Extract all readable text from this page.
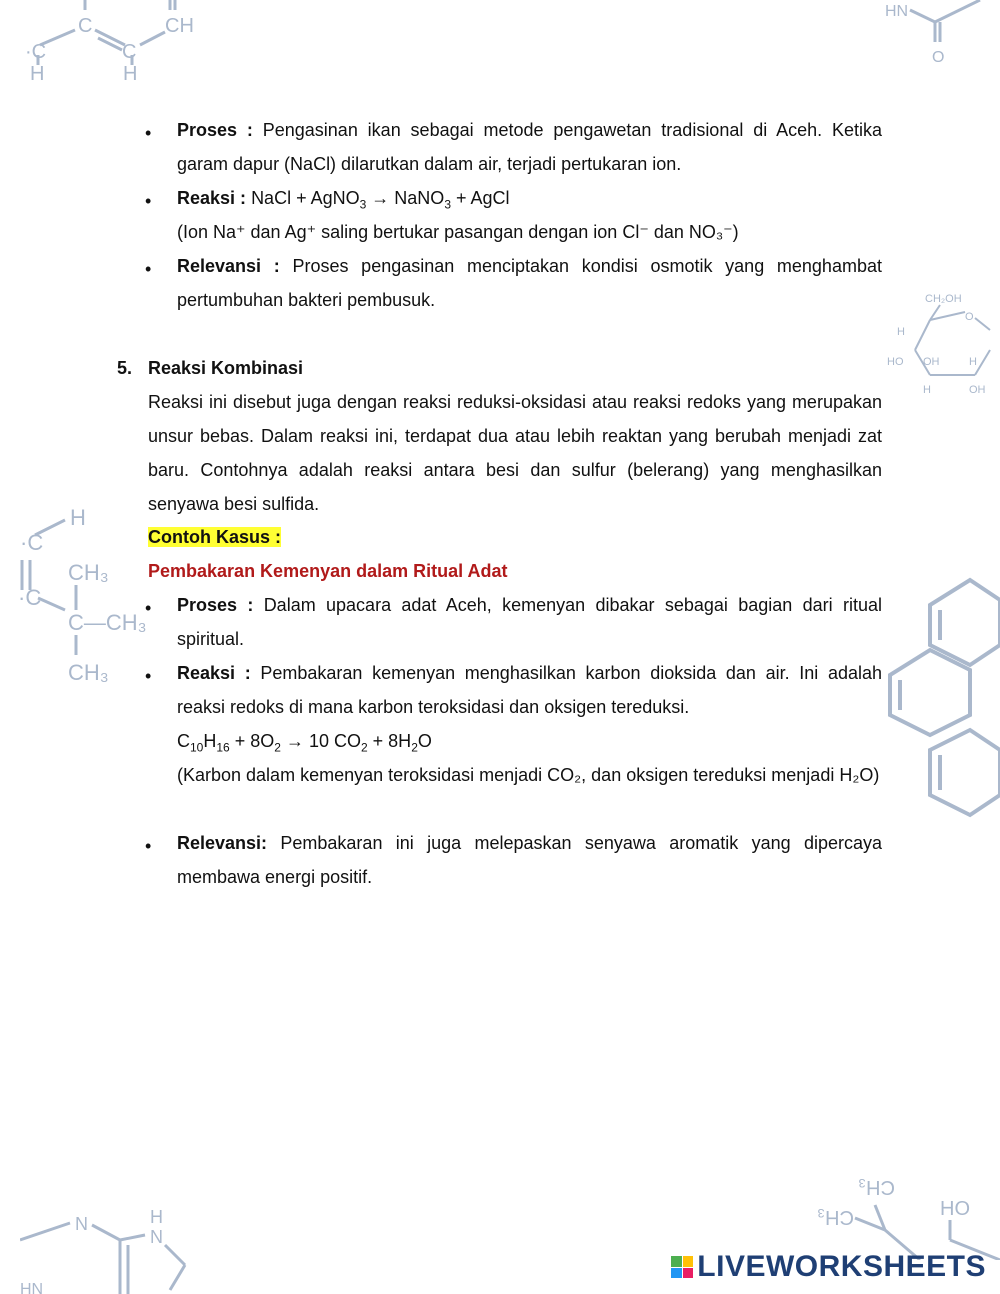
C	CH
·C	C
H	H
HN
O
CH₂OH
O
H
HO OH	H
H	OH
H
·C
CH₃
·C
C—CH₃
CH₃
N	H
N
HN
CH₃
CH₃	HO
• Proses : Pengasinan ikan sebagai metode pengawetan tradisional di Aceh. Ketika garam dapur (NaCl) dilarutkan dalam air, terjadi pertukaran ion.
• Reaksi : NaCl + AgNO$_3$ → NaNO$_3$ + AgCl
(Ion Na⁺ dan Ag⁺ saling bertukar pasangan dengan ion Cl⁻ dan NO₃⁻)
• Relevansi : Proses pengasinan menciptakan kondisi osmotik yang menghambat pertumbuhan bakteri pembusuk.
5. Reaksi Kombinasi
Reaksi ini disebut juga dengan reaksi reduksi-oksidasi atau reaksi redoks yang merupakan unsur bebas. Dalam reaksi ini, terdapat dua atau lebih reaktan yang berubah menjadi zat baru. Contohnya adalah reaksi antara besi dan sulfur (belerang) yang menghasilkan senyawa besi sulfida.
Contoh Kasus :
Pembakaran Kemenyan dalam Ritual Adat
• Proses : Dalam upacara adat Aceh, kemenyan dibakar sebagai bagian dari ritual spiritual.
• Reaksi : Pembakaran kemenyan menghasilkan karbon dioksida dan air. Ini adalah reaksi redoks di mana karbon teroksidasi dan oksigen tereduksi.
$C_{10}H_{16} + 8O_2 \to 10$ $CO_2 + 8H_2O$
(Karbon dalam kemenyan teroksidasi menjadi CO₂, dan oksigen tereduksi menjadi H₂O)
• Relevansi: Pembakaran ini juga melepaskan senyawa aromatik yang dipercaya membawa energi positif.
LIVEWORKSHEETS
